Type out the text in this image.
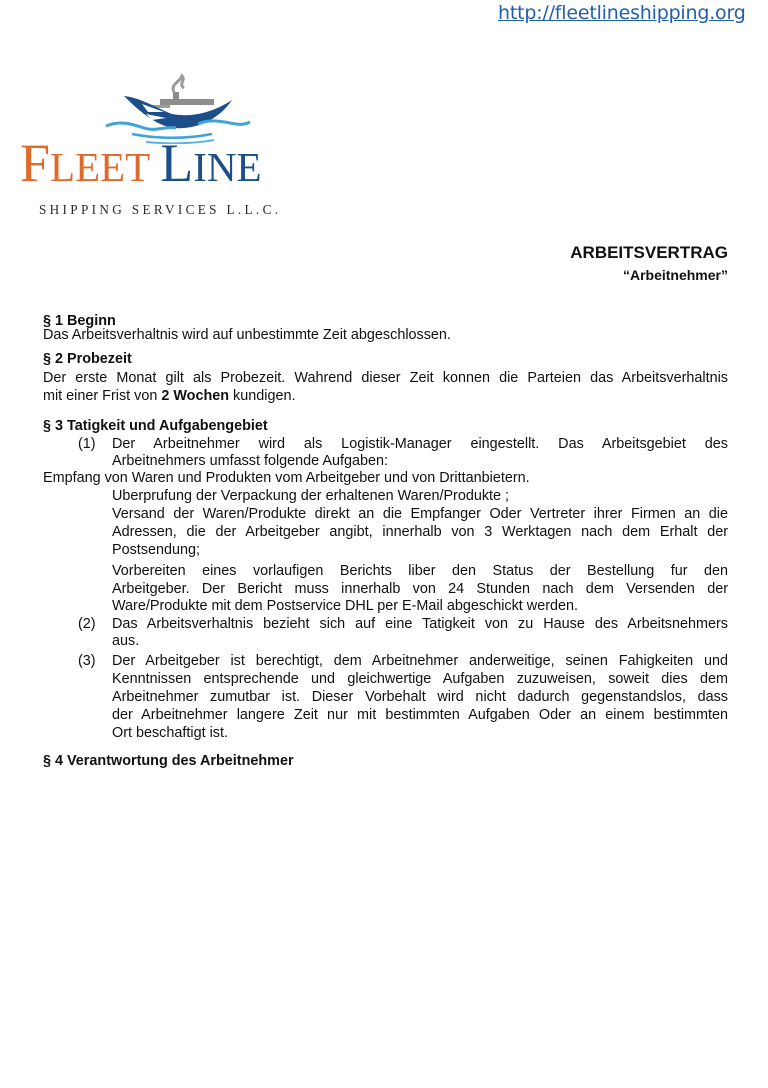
http://fleetlineshipping.org
FLEET LINE
SHIPPING SERVICES L.L.C.
ARBEITSVERTRAG
“Arbeitnehmer”
§ 1 Beginn
Das Arbeitsverhaltnis wird auf unbestimmte Zeit abgeschlossen.
§ 2 Probezeit
Der erste Monat gilt als Probezeit. Wahrend dieser Zeit konnen die Parteien das Arbeitsverhaltnis
mit einer Frist von 2 Wochen kundigen.
§ 3 Tatigkeit und Aufgabengebiet
(1) Der Arbeitnehmer wird als Logistik-Manager eingestellt. Das Arbeitsgebiet des
Arbeitnehmers umfasst folgende Aufgaben:
Empfang von Waren und Produkten vom Arbeitgeber und von Drittanbietern.
Uberprufung der Verpackung der erhaltenen Waren/Produkte ;
Versand der Waren/Produkte direkt an die Empfanger Oder Vertreter ihrer Firmen an die
Adressen, die der Arbeitgeber angibt, innerhalb von 3 Werktagen nach dem Erhalt der
Postsendung;
Vorbereiten eines vorlaufigen Berichts liber den Status der Bestellung fur den
Arbeitgeber. Der Bericht muss innerhalb von 24 Stunden nach dem Versenden der
Ware/Produkte mit dem Postservice DHL per E-Mail abgeschickt werden.
(2) Das Arbeitsverhaltnis bezieht sich auf eine Tatigkeit von zu Hause des Arbeitsnehmers
aus.
(3) Der Arbeitgeber ist berechtigt, dem Arbeitnehmer anderweitige, seinen Fahigkeiten und
Kenntnissen entsprechende und gleichwertige Aufgaben zuzuweisen, soweit dies dem
Arbeitnehmer zumutbar ist. Dieser Vorbehalt wird nicht dadurch gegenstandslos, dass
der Arbeitnehmer langere Zeit nur mit bestimmten Aufgaben Oder an einem bestimmten
Ort beschaftigt ist.
§ 4 Verantwortung des Arbeitnehmer
